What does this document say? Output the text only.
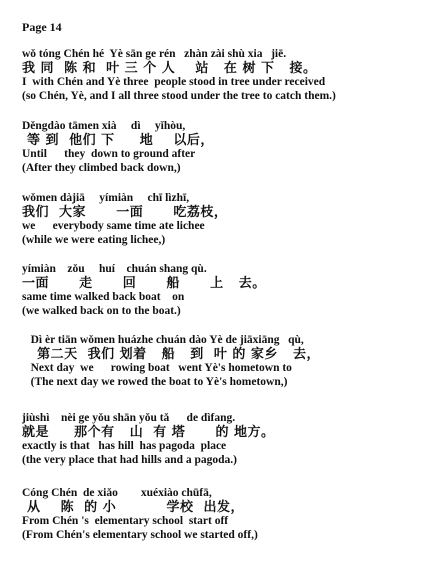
Page 14
wǒ tóng Chén hé  Yè sān ge rén   zhàn zài shù xia   jiē.
我 同  陈 和  叶 三 个 人    站   在 树 下   接。
I  with Chén and Yè three  people stood in tree under received
(so Chén, Yè, and I all three stood under the tree to catch them.)
Děngdào tāmen xià     dì     yǐhòu,
等 到  他们 下     地    以后，
Until      they  down to ground after
(After they climbed back down,)
wǒmen dàjiā     yímiàn     chī lìzhī,
我们  大家      一面      吃荔枝，
we      everybody same time ate lichee
(while we were eating lichee,)
yímiàn    zǒu     huí    chuán shang qù.
一面      走      回      船      上   去。
same time walked back boat    on
(we walked back on to the boat.)
Dì èr tiān wǒmen huázhe chuán dào Yè de jiāxiāng   qù,
第二天  我们 划着   船   到  叶 的 家乡   去，
Next day  we      rowing boat   went Yè's hometown to
(The next day we rowed the boat to Yè's hometown,)
jiùshì    nèi ge yǒu shān yǒu tǎ      de dìfang.
就是     那个有   山  有 塔      的 地方。
exactly is that   has hill  has pagoda  place
(the very place that had hills and a pagoda.)
Cóng Chén  de xiǎo        xuéxiào chūfā,
从    陈  的 小          学校  出发，
From Chén 's  elementary school  start off
(From Chén's elementary school we started off,)
